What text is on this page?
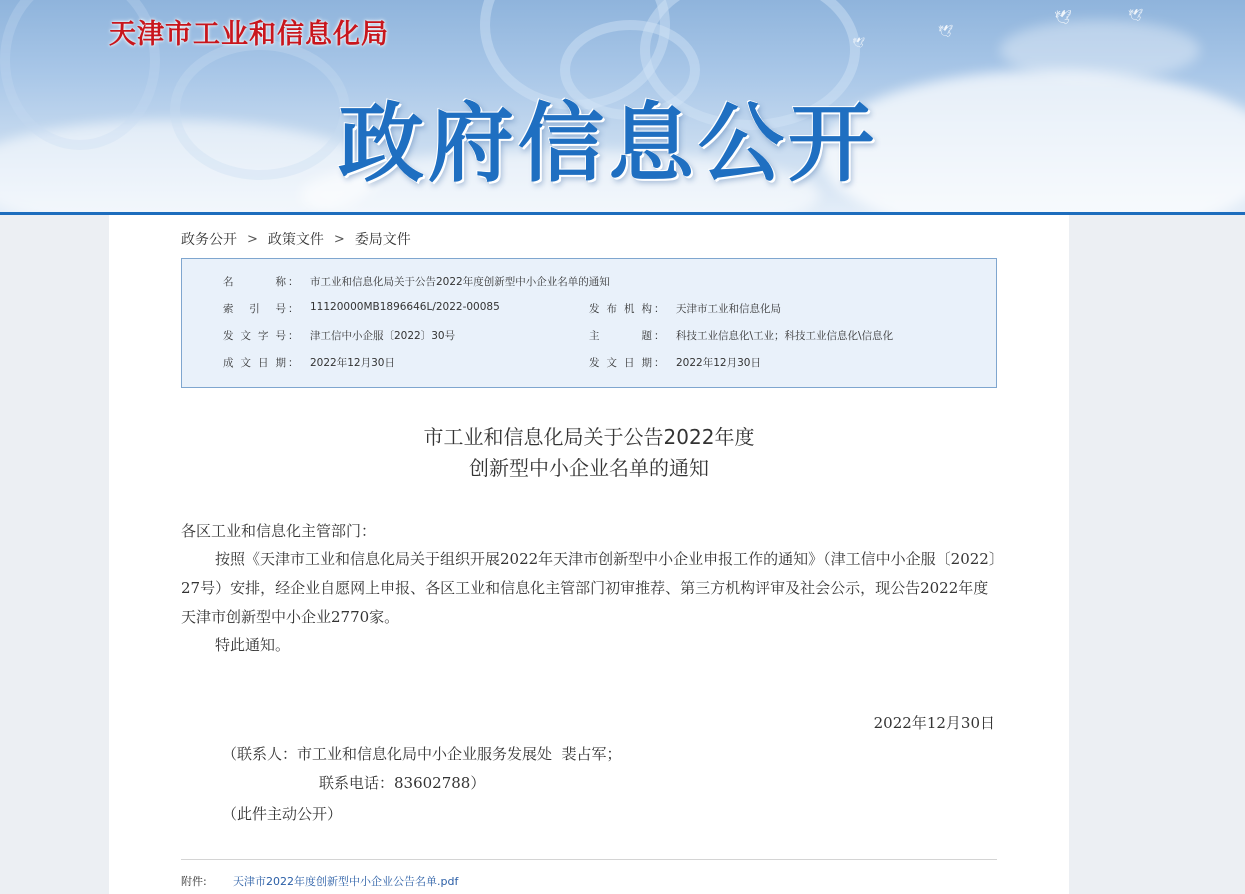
🕊	🕊
🕊
🕊
天津市工业和信息化局
政府信息公开
政务公开 > 政策文件 > 委局文件
名	称 ： 市工业和信息化局关于公告2022年度创新型中小企业名单的通知
索 引 号 ： 11120000MB1896646L/2022-00085	发 布 机 构 ： 天津市工业和信息化局
发 文 字 号 ： 津工信中小企服〔2022〕30号	主	题 ： 科技工业信息化\工业；科技工业信息化\信息化
成 文 日 期 ： 2022年12月30日	发 文 日 期 ： 2022年12月30日
市工业和信息化局关于公告2022年度
创新型中小企业名单的通知
各区工业和信息化主管部门：
按照《天津市工业和信息化局关于组织开展2022年天津市创新型中小企业申报工作的通知》（津工信中小企服〔2022〕27号）安排，经企业自愿网上申报、各区工业和信息化主管部门初审推荐、第三方机构评审及社会公示，现公告2022年度天津市创新型中小企业2770家。
特此通知。
2022年12月30日
（联系人：市工业和信息化局中小企业服务发展处  裴占军；
联系电话：83602788）
（此件主动公开）
附件:	天津市2022年度创新型中小企业公告名单.pdf
